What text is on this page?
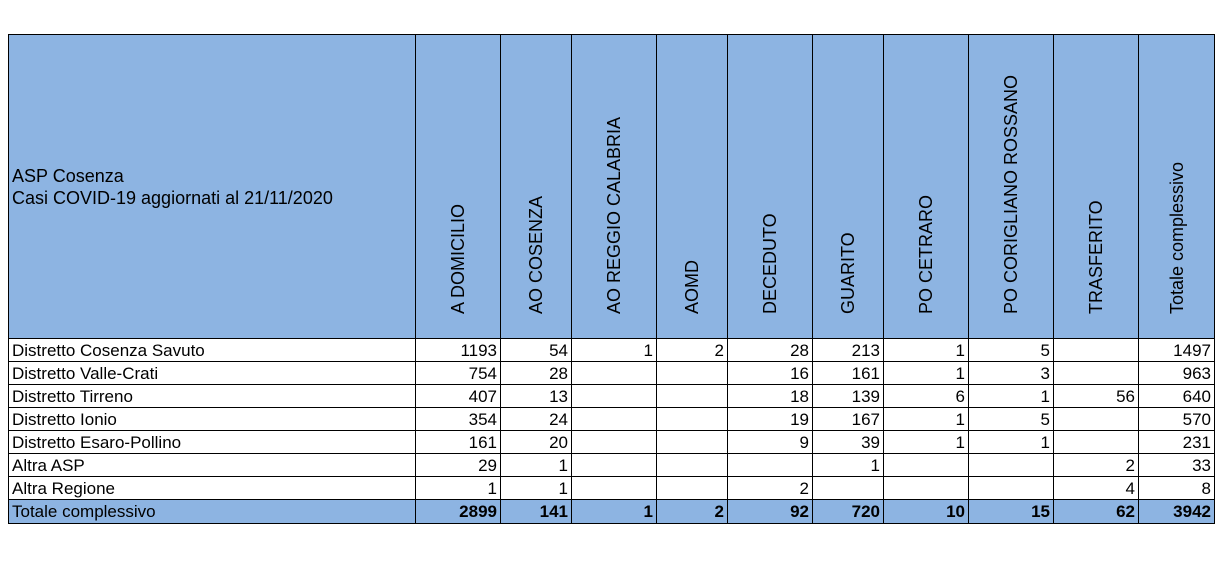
ASP Cosenza
Casi COVID-19 aggiornati al 21/11/2020	A DOMICILIO	AO COSENZA	AO REGGIO CALABRIA	AOMD	DECEDUTO	GUARITO	PO CETRARO	PO CORIGLIANO ROSSANO	TRASFERITO	Totale complessivo

Distretto Cosenza Savuto	1193	54	1	2	28	213	1	5		1497
Distretto Valle-Crati	754	28			16	161	1	3		963
Distretto Tirreno	407	13			18	139	6	1	56	640
Distretto Ionio	354	24			19	167	1	5		570
Distretto Esaro-Pollino	161	20			9	39	1	1		231
Altra ASP	29	1				1			2	33
Altra Regione	1	1			2				4	8
Totale complessivo	2899	141	1	2	92	720	10	15	62	3942
